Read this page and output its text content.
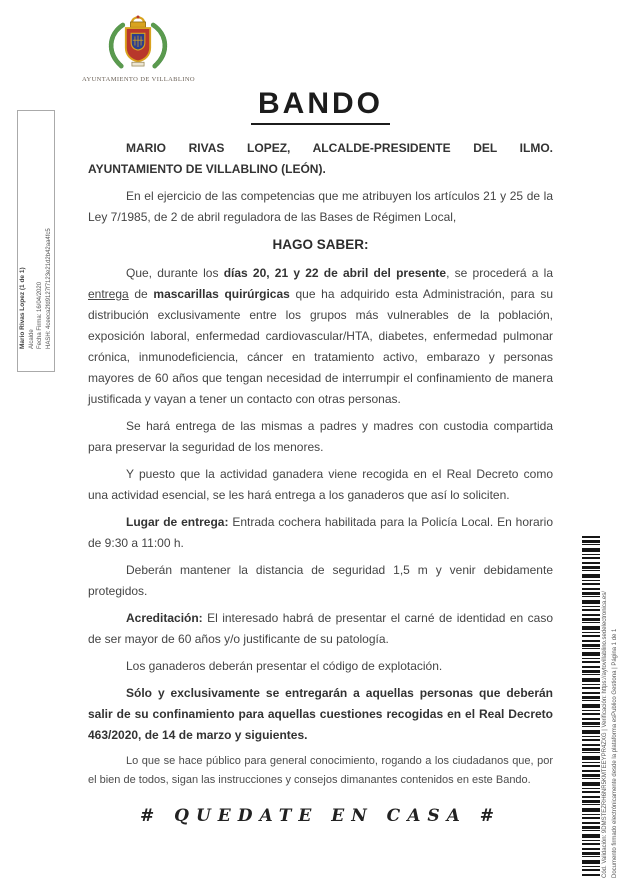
AYUNTAMIENTO DE VILLABLINO
BANDO

MARIO RIVAS LOPEZ, ALCALDE-PRESIDENTE DEL ILMO. AYUNTAMIENTO DE VILLABLINO (LEÓN).

En el ejercicio de las competencias que me atribuyen los artículos 21 y 25 de la Ley 7/1985, de 2 de abril reguladora de las Bases de Régimen Local,

HAGO SABER:

Que, durante los días 20, 21 y 22 de abril del presente, se procederá a la entrega de mascarillas quirúrgicas que ha adquirido esta Administración, para su distribución exclusivamente entre los grupos más vulnerables de la población, exposición laboral, enfermedad cardiovascular/HTA, diabetes, enfermedad pulmonar crónica, inmunodeficiencia, cáncer en tratamiento activo, embarazo y personas mayores de 60 años que tengan necesidad de interrumpir el confinamiento de manera justificada y vayan a tener un contacto con otras personas.

Se hará entrega de las mismas a padres y madres con custodia compartida para preservar la seguridad de los menores.

Y puesto que la actividad ganadera viene recogida en el Real Decreto como una actividad esencial, se les hará entrega a los ganaderos que así lo soliciten.

Lugar de entrega: Entrada cochera habilitada para la Policía Local. En horario de 9:30 a 11:00 h.

Deberán mantener la distancia de seguridad 1,5 m y venir debidamente protegidos.

Acreditación: El interesado habrá de presentar el carné de identidad en caso de ser mayor de 60 años y/o justificante de su patología.

Los ganaderos deberán presentar el código de explotación.

Sólo y exclusivamente se entregarán a aquellas personas que deberán salir de su confinamiento para aquellas cuestiones recogidas en el Real Decreto 463/2020, de 14 de marzo y siguientes.

Lo que se hace público para general conocimiento, rogando a los ciudadanos que, por el bien de todos, sigan las instrucciones y consejos dimanantes contenidos en este Bando.

# QUEDATE EN CASA #
Mario Rivas Lopez (1 de 1) Alcalde Fecha Firma: 16/04/2020 HASH: 4ceeca2fd9127f7123e21d2b42aa4fc5
Cód. Validación: 9DMSTEZRH6NR5KMTEEYPR4ZXG | Verificación: https://aytovillablino.sedelectronica.es/ Documento firmado electrónicamente desde la plataforma esPublico Gestiona | Página 1 de 1
